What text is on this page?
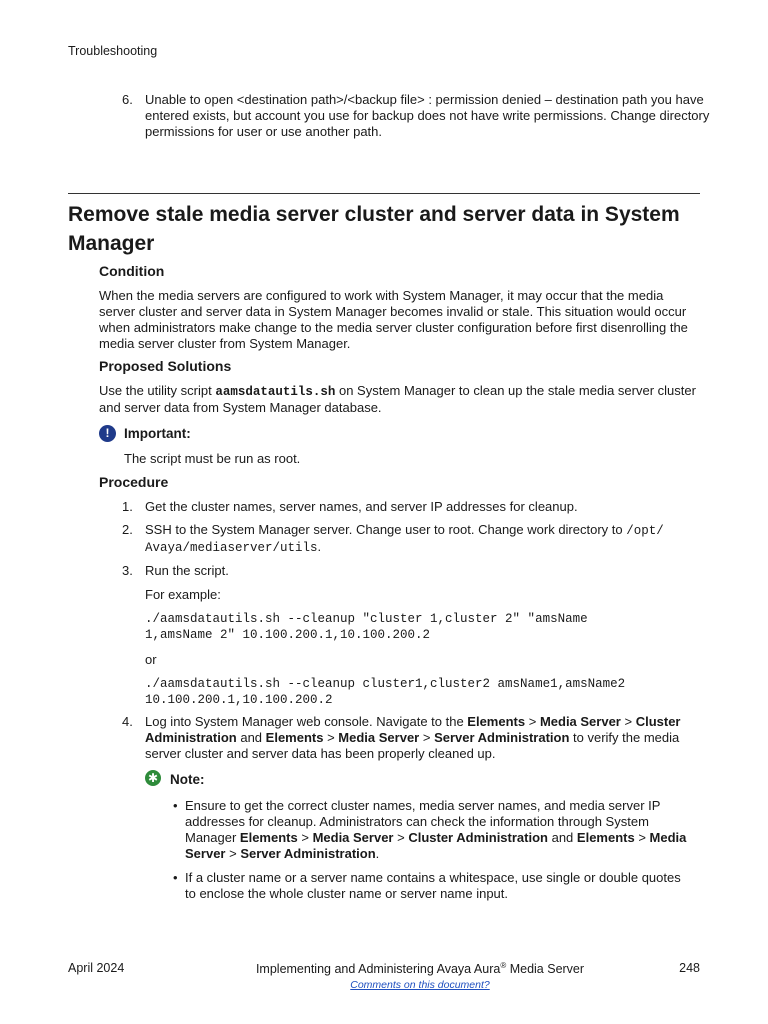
Troubleshooting
6. Unable to open <destination path>/<backup file> : permission denied – destination path you have entered exists, but account you use for backup does not have write permissions. Change directory permissions for user or use another path.
Remove stale media server cluster and server data in System Manager
Condition
When the media servers are configured to work with System Manager, it may occur that the media server cluster and server data in System Manager becomes invalid or stale. This situation would occur when administrators make change to the media server cluster configuration before first disenrolling the media server cluster from System Manager.
Proposed Solutions
Use the utility script aamsdatautils.sh on System Manager to clean up the stale media server cluster and server data from System Manager database.
!	Important:
The script must be run as root.
Procedure
1. Get the cluster names, server names, and server IP addresses for cleanup.
2. SSH to the System Manager server. Change user to root. Change work directory to /opt/
Avaya/mediaserver/utils.
3. Run the script.
For example:
./aamsdatautils.sh --cleanup "cluster 1,cluster 2" "amsName
1,amsName 2" 10.100.200.1,10.100.200.2
or
./aamsdatautils.sh --cleanup cluster1,cluster2 amsName1,amsName2
10.100.200.1,10.100.200.2
4. Log into System Manager web console. Navigate to the Elements > Media Server > Cluster Administration and Elements > Media Server > Server Administration to verify the media server cluster and server data has been properly cleaned up.
✱ Note:
• Ensure to get the correct cluster names, media server names, and media server IP addresses for cleanup. Administrators can check the information through System Manager Elements > Media Server > Cluster Administration and Elements > Media Server > Server Administration.
• If a cluster name or a server name contains a whitespace, use single or double quotes to enclose the whole cluster name or server name input.
April 2024	Implementing and Administering Avaya Aura® Media Server	248
Comments on this document?
